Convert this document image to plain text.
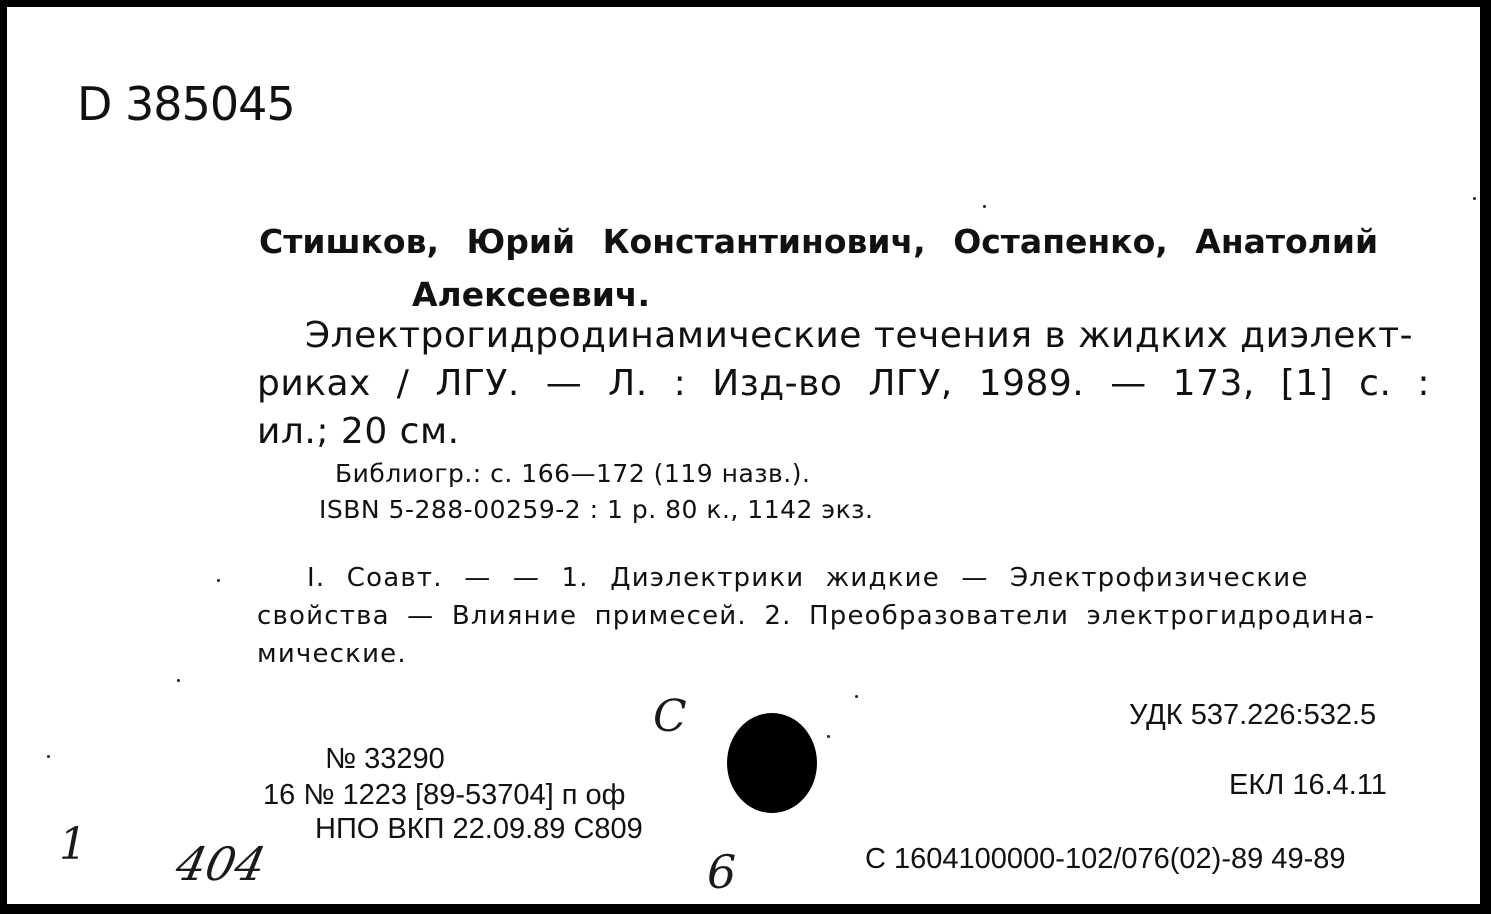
D 385045
Стишков, Юрий Константинович, Остапенко, Анатолий
Алексеевич.
Электрогидродинамические течения в жидких диэлект-
риках / ЛГУ. — Л. : Изд-во ЛГУ, 1989. — 173, [1] с. :
ил.; 20 см.
Библиогр.: с. 166—172 (119 назв.).
ISBN 5-288-00259-2 : 1 р. 80 к., 1142 экз.
I. Соавт. — — 1. Диэлектрики жидкие — Электрофизические
свойства — Влияние примесей. 2. Преобразователи электрогидродина-
мические.
УДК 537.226:532.5
ЕКЛ 16.4.11
С 1604100000-102/076(02)-89 49-89
№ 33290
16 № 1223 [89-53704] п оф
НПО ВКП 22.09.89 С809
С
404
1
6
